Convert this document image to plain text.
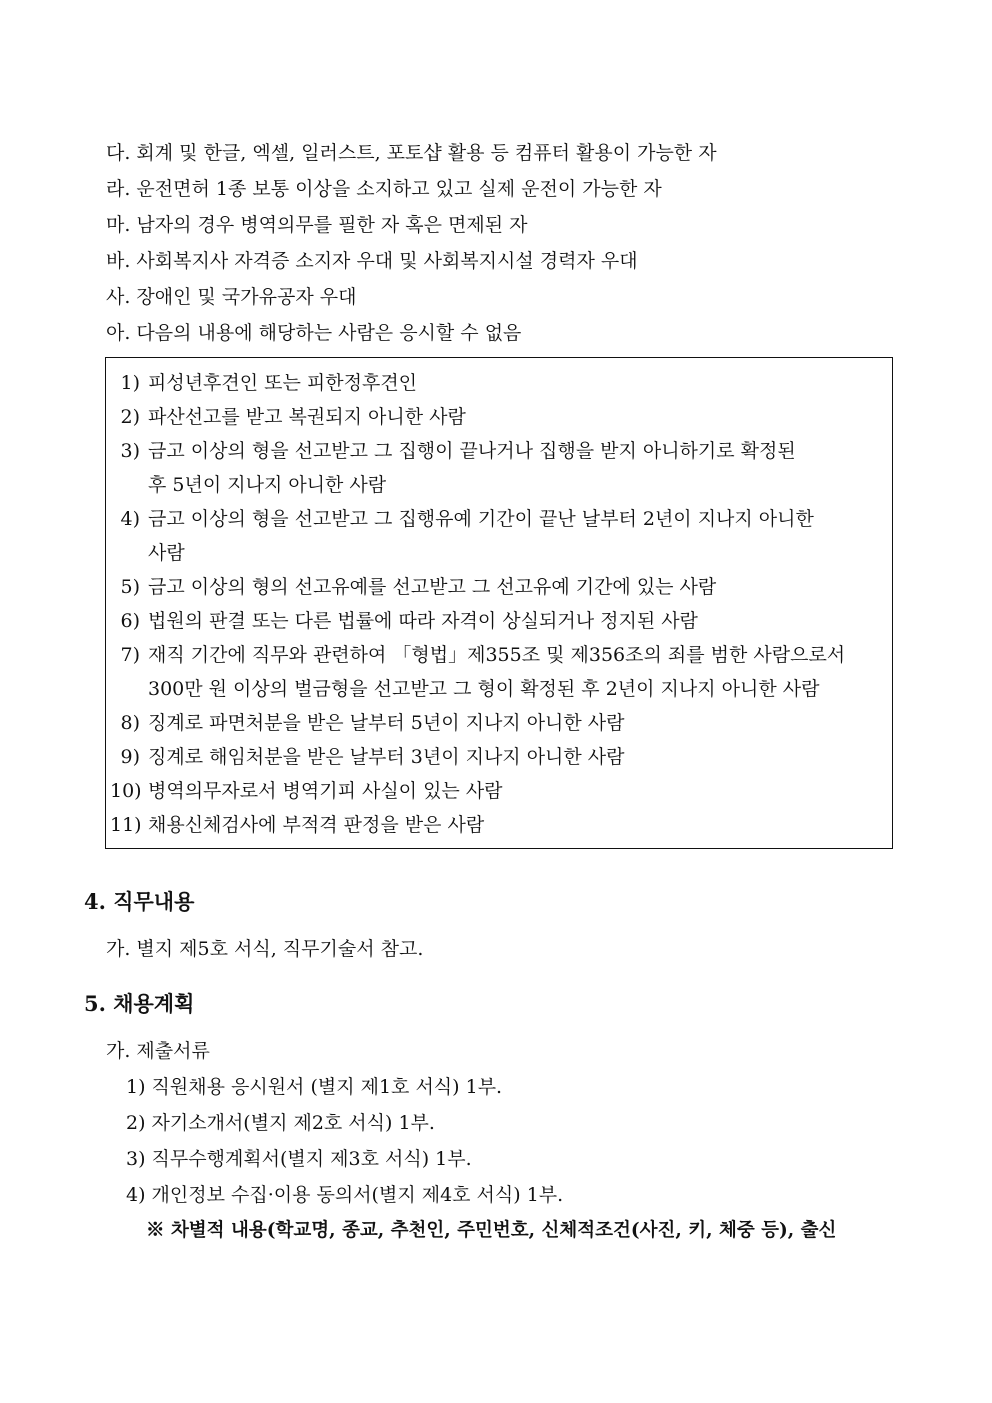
다. 회계 및 한글, 엑셀, 일러스트, 포토샵 활용 등 컴퓨터 활용이 가능한 자
라. 운전면허 1종 보통 이상을 소지하고 있고 실제 운전이 가능한 자
마. 남자의 경우 병역의무를 필한 자 혹은 면제된 자
바. 사회복지사 자격증 소지자 우대 및 사회복지시설 경력자 우대
사. 장애인 및 국가유공자 우대
아. 다음의 내용에 해당하는 사람은 응시할 수 없음
1) 피성년후견인 또는 피한정후견인
2) 파산선고를 받고 복권되지 아니한 사람
3) 금고 이상의 형을 선고받고 그 집행이 끝나거나 집행을 받지 아니하기로 확정된
후 5년이 지나지 아니한 사람
4) 금고 이상의 형을 선고받고 그 집행유예 기간이 끝난 날부터 2년이 지나지 아니한
사람
5) 금고 이상의 형의 선고유예를 선고받고 그 선고유예 기간에 있는 사람
6) 법원의 판결 또는 다른 법률에 따라 자격이 상실되거나 정지된 사람
7) 재직 기간에 직무와 관련하여 「형법」제355조 및 제356조의 죄를 범한 사람으로서
300만 원 이상의 벌금형을 선고받고 그 형이 확정된 후 2년이 지나지 아니한 사람
8) 징계로 파면처분을 받은 날부터 5년이 지나지 아니한 사람
9) 징계로 해임처분을 받은 날부터 3년이 지나지 아니한 사람
10) 병역의무자로서 병역기피 사실이 있는 사람
11) 채용신체검사에 부적격 판정을 받은 사람
4. 직무내용
가. 별지 제5호 서식, 직무기술서 참고.
5. 채용계획
가. 제출서류
1) 직원채용 응시원서 (별지 제1호 서식) 1부.
2) 자기소개서(별지 제2호 서식) 1부.
3) 직무수행계획서(별지 제3호 서식) 1부.
4) 개인정보 수집·이용 동의서(별지 제4호 서식) 1부.
※ 차별적 내용(학교명, 종교, 추천인, 주민번호, 신체적조건(사진, 키, 체중 등), 출신
